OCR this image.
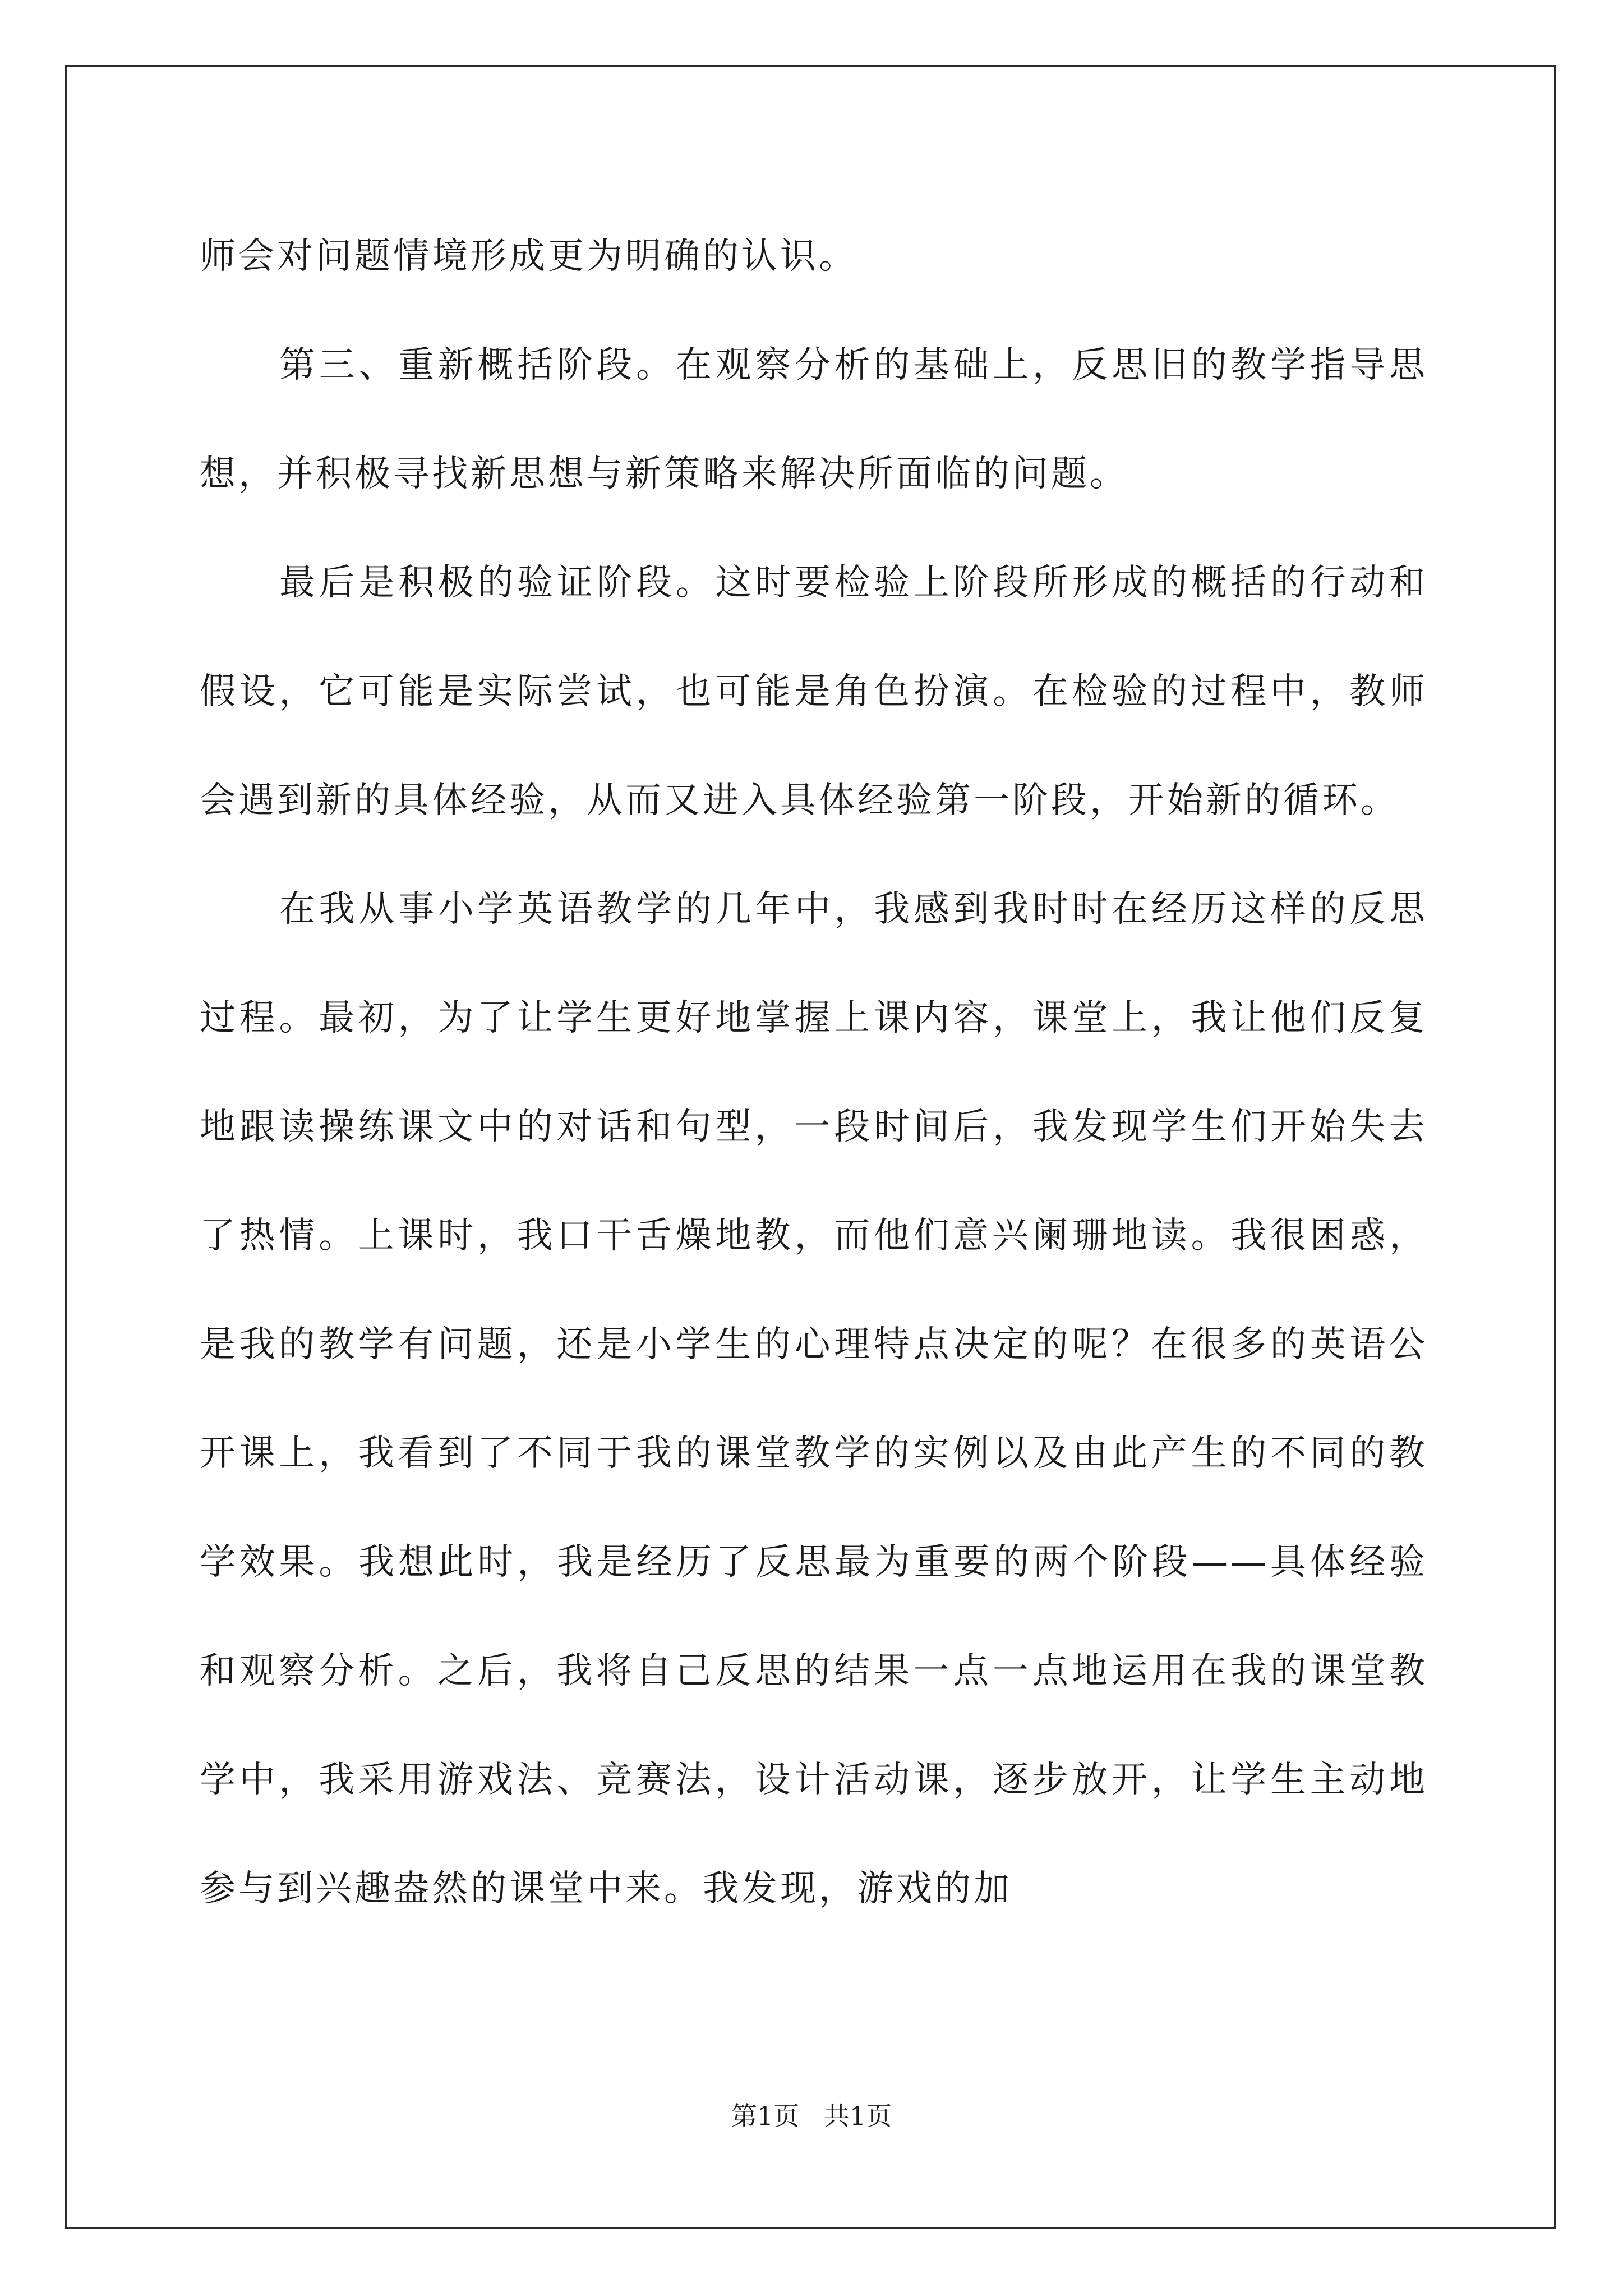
师会对问题情境形成更为明确的认识。

第三、重新概括阶段。在观察分析的基础上，反思旧的教学指导思想，并积极寻找新思想与新策略来解决所面临的问题。

最后是积极的验证阶段。这时要检验上阶段所形成的概括的行动和假设，它可能是实际尝试，也可能是角色扮演。在检验的过程中，教师会遇到新的具体经验，从而又进入具体经验第一阶段，开始新的循环。

在我从事小学英语教学的几年中，我感到我时时在经历这样的反思过程。最初，为了让学生更好地掌握上课内容，课堂上，我让他们反复地跟读操练课文中的对话和句型，一段时间后，我发现学生们开始失去了热情。上课时，我口干舌燥地教，而他们意兴阑珊地读。我很困惑，是我的教学有问题，还是小学生的心理特点决定的呢？在很多的英语公开课上，我看到了不同于我的课堂教学的实例以及由此产生的不同的教学效果。我想此时，我是经历了反思最为重要的两个阶段——具体经验和观察分析。之后，我将自己反思的结果一点一点地运用在我的课堂教学中，我采用游戏法、竞赛法，设计活动课，逐步放开，让学生主动地参与到兴趣盎然的课堂中来。我发现，游戏的加

第1页   共1页
